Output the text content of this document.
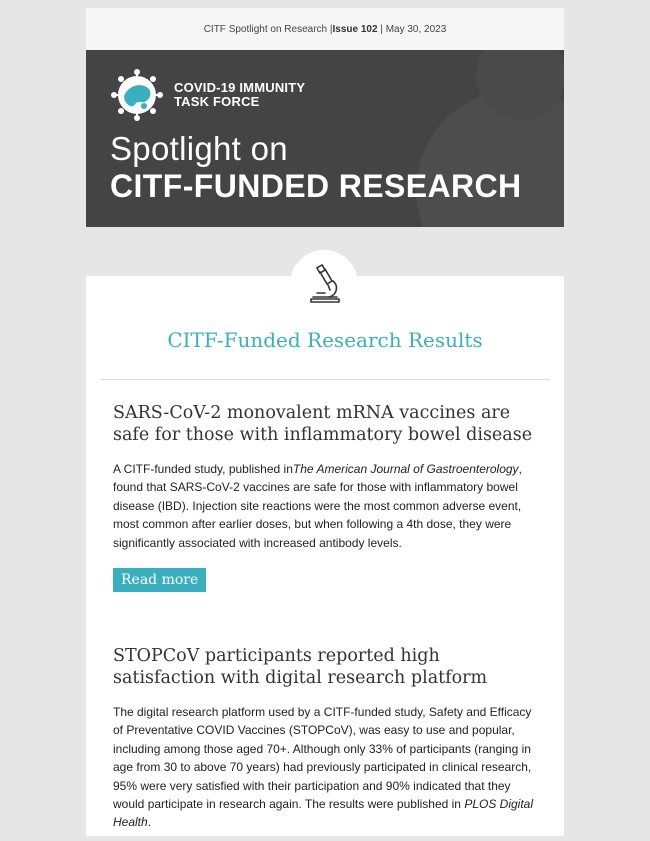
CITF Spotlight on Research | Issue 102 | May 30, 2023
COVID-19 IMMUNITY
TASK FORCE
Spotlight on
CITF-FUNDED RESEARCH
CITF-Funded Research Results
SARS-CoV-2 monovalent mRNA vaccines are safe for those with inflammatory bowel disease

A CITF-funded study, published inThe American Journal of Gastroenterology, found that SARS-CoV-2 vaccines are safe for those with inflammatory bowel disease (IBD). Injection site reactions were the most common adverse event, most common after earlier doses, but when following a 4th dose, they were significantly associated with increased antibody levels.

Read more
STOPCoV participants reported high satisfaction with digital research platform

The digital research platform used by a CITF-funded study, Safety and Efficacy of Preventative COVID Vaccines (STOPCoV), was easy to use and popular, including among those aged 70+. Although only 33% of participants (ranging in age from 30 to above 70 years) had previously participated in clinical research, 95% were very satisfied with their participation and 90% indicated that they would participate in research again. The results were published in PLOS Digital Health.
